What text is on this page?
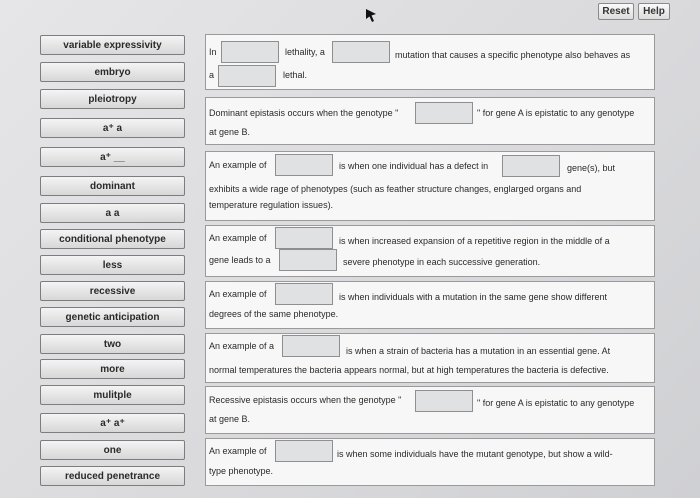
Reset	Help
variable expressivity
embryo
pleiotropy
a⁺ a
a⁺ __
dominant
a a
conditional phenotype
less
recessive
genetic anticipation
two
more
mulitple
a⁺ a⁺
one
reduced penetrance
In	lethality, a	mutation that causes a specific phenotype also behaves as
a	lethal.
Dominant epistasis occurs when the genotype "	" for gene A is epistatic to any genotype
at gene B.
An example of	is when one individual has a defect in	gene(s), but
exhibits a wide rage of phenotypes (such as feather structure changes, englarged organs and
temperature regulation issues).
An example of	is when increased expansion of a repetitive region in the middle of a
gene leads to a	severe phenotype in each successive generation.
An example of	is when individuals with a mutation in the same gene show different
degrees of the same phenotype.
An example of a	is when a strain of bacteria has a mutation in an essential gene. At
normal temperatures the bacteria appears normal, but at high temperatures the bacteria is defective.
Recessive epistasis occurs when the genotype "	" for gene A is epistatic to any genotype
at gene B.
An example of	is when some individuals have the mutant genotype, but show a wild-
type phenotype.
